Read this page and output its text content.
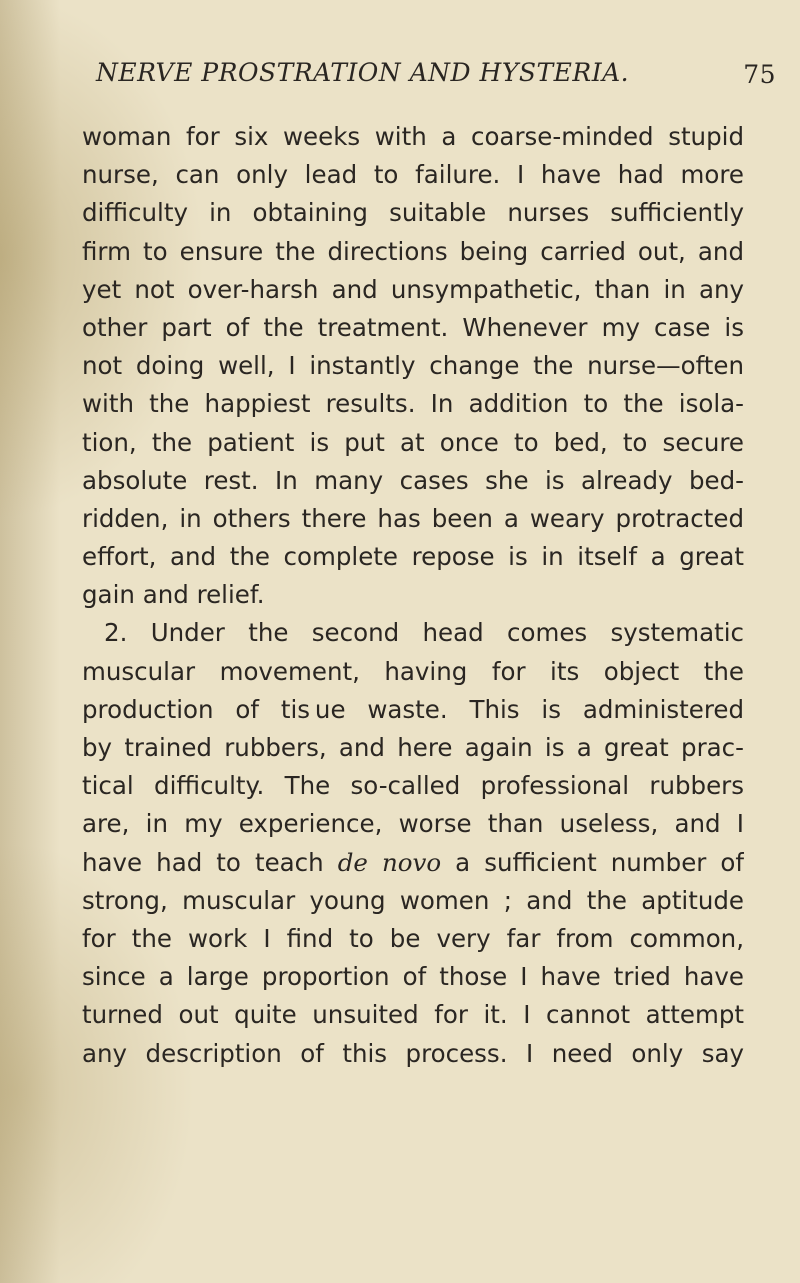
NERVE PROSTRATION AND HYSTERIA.	75
woman for six weeks with a coarse-minded stupid
nurse, can only lead to failure. I have had more
difficulty in obtaining suitable nurses sufficiently
firm to ensure the directions being carried out, and
yet not over-harsh and unsympathetic, than in any
other part of the treatment. Whenever my case is
not doing well, I instantly change the nurse—often
with the happiest results. In addition to the isola-
tion, the patient is put at once to bed, to secure
absolute rest. In many cases she is already bed-
ridden, in others there has been a weary protracted
effort, and the complete repose is in itself a great
gain and relief.
2. Under the second head comes systematic
muscular movement, having for its object the
production of tis ue waste. This is administered
by trained rubbers, and here again is a great prac-
tical difficulty. The so-called professional rubbers
are, in my experience, worse than useless, and I
have had to teach de novo a sufficient number of
strong, muscular young women ; and the aptitude
for the work I find to be very far from common,
since a large proportion of those I have tried have
turned out quite unsuited for it. I cannot attempt
any description of this process. I need only say
